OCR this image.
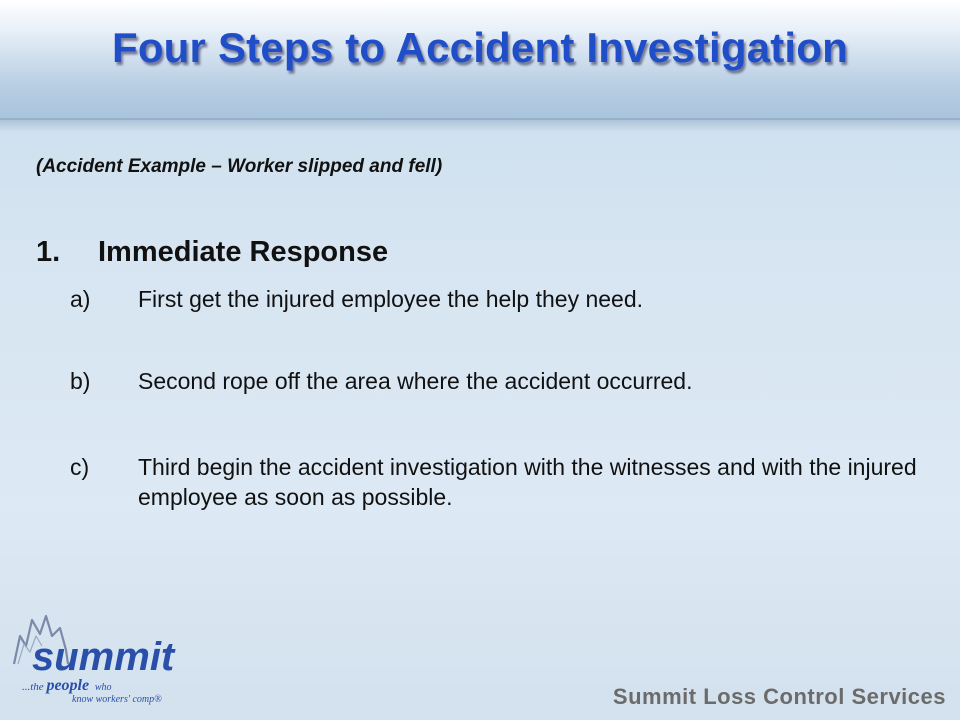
Four Steps to Accident Investigation
(Accident Example – Worker slipped and fell)
1. Immediate Response
a)	First get the injured employee the help they need.
b)	Second rope off the area where the accident occurred.
c)	Third begin the accident investigation with the witnesses and with the injured employee as soon as possible.
summit
...the people who
know workers' comp®	Summit Loss Control Services
